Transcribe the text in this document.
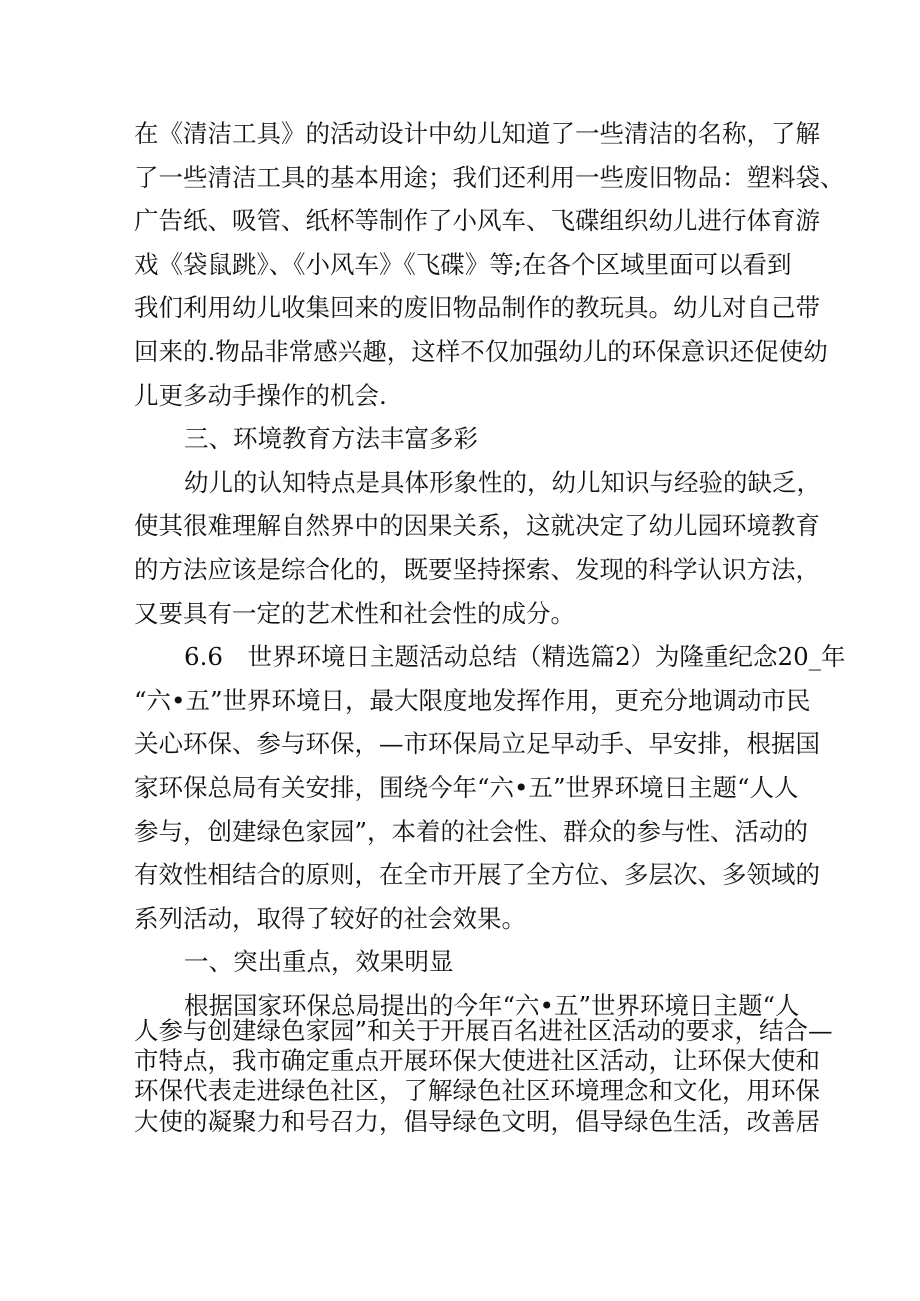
在《清洁工具》的活动设计中幼儿知道了一些清洁的名称，了解
了一些清洁工具的基本用途；我们还利用一些废旧物品：塑料袋、
广告纸、吸管、纸杯等制作了小风车、飞碟组织幼儿进行体育游
戏《袋鼠跳》、《小风车》《飞碟》等;在各个区域里面可以看到
我们利用幼儿收集回来的废旧物品制作的教玩具。幼儿对自己带
回来的.物品非常感兴趣，这样不仅加强幼儿的环保意识还促使幼
儿更多动手操作的机会.
三、环境教育方法丰富多彩
幼儿的认知特点是具体形象性的，幼儿知识与经验的缺乏，
使其很难理解自然界中的因果关系，这就决定了幼儿园环境教育
的方法应该是综合化的，既要坚持探索、发现的科学认识方法，
又要具有一定的艺术性和社会性的成分。
6.6　世界环境日主题活动总结（精选篇2）为隆重纪念20_年
“六•五”世界环境日，最大限度地发挥作用，更充分地调动市民
关心环保、参与环保，—市环保局立足早动手、早安排，根据国
家环保总局有关安排，围绕今年“六•五”世界环境日主题“人人
参与，创建绿色家园”，本着的社会性、群众的参与性、活动的
有效性相结合的原则，在全市开展了全方位、多层次、多领域的
系列活动，取得了较好的社会效果。
一、突出重点，效果明显
根据国家环保总局提出的今年“六•五”世界环境日主题“人
人参与创建绿色家园”和关于开展百名进社区活动的要求，结合—
市特点，我市确定重点开展环保大使进社区活动，让环保大使和
环保代表走进绿色社区，了解绿色社区环境理念和文化，用环保
大使的凝聚力和号召力，倡导绿色文明，倡导绿色生活，改善居
